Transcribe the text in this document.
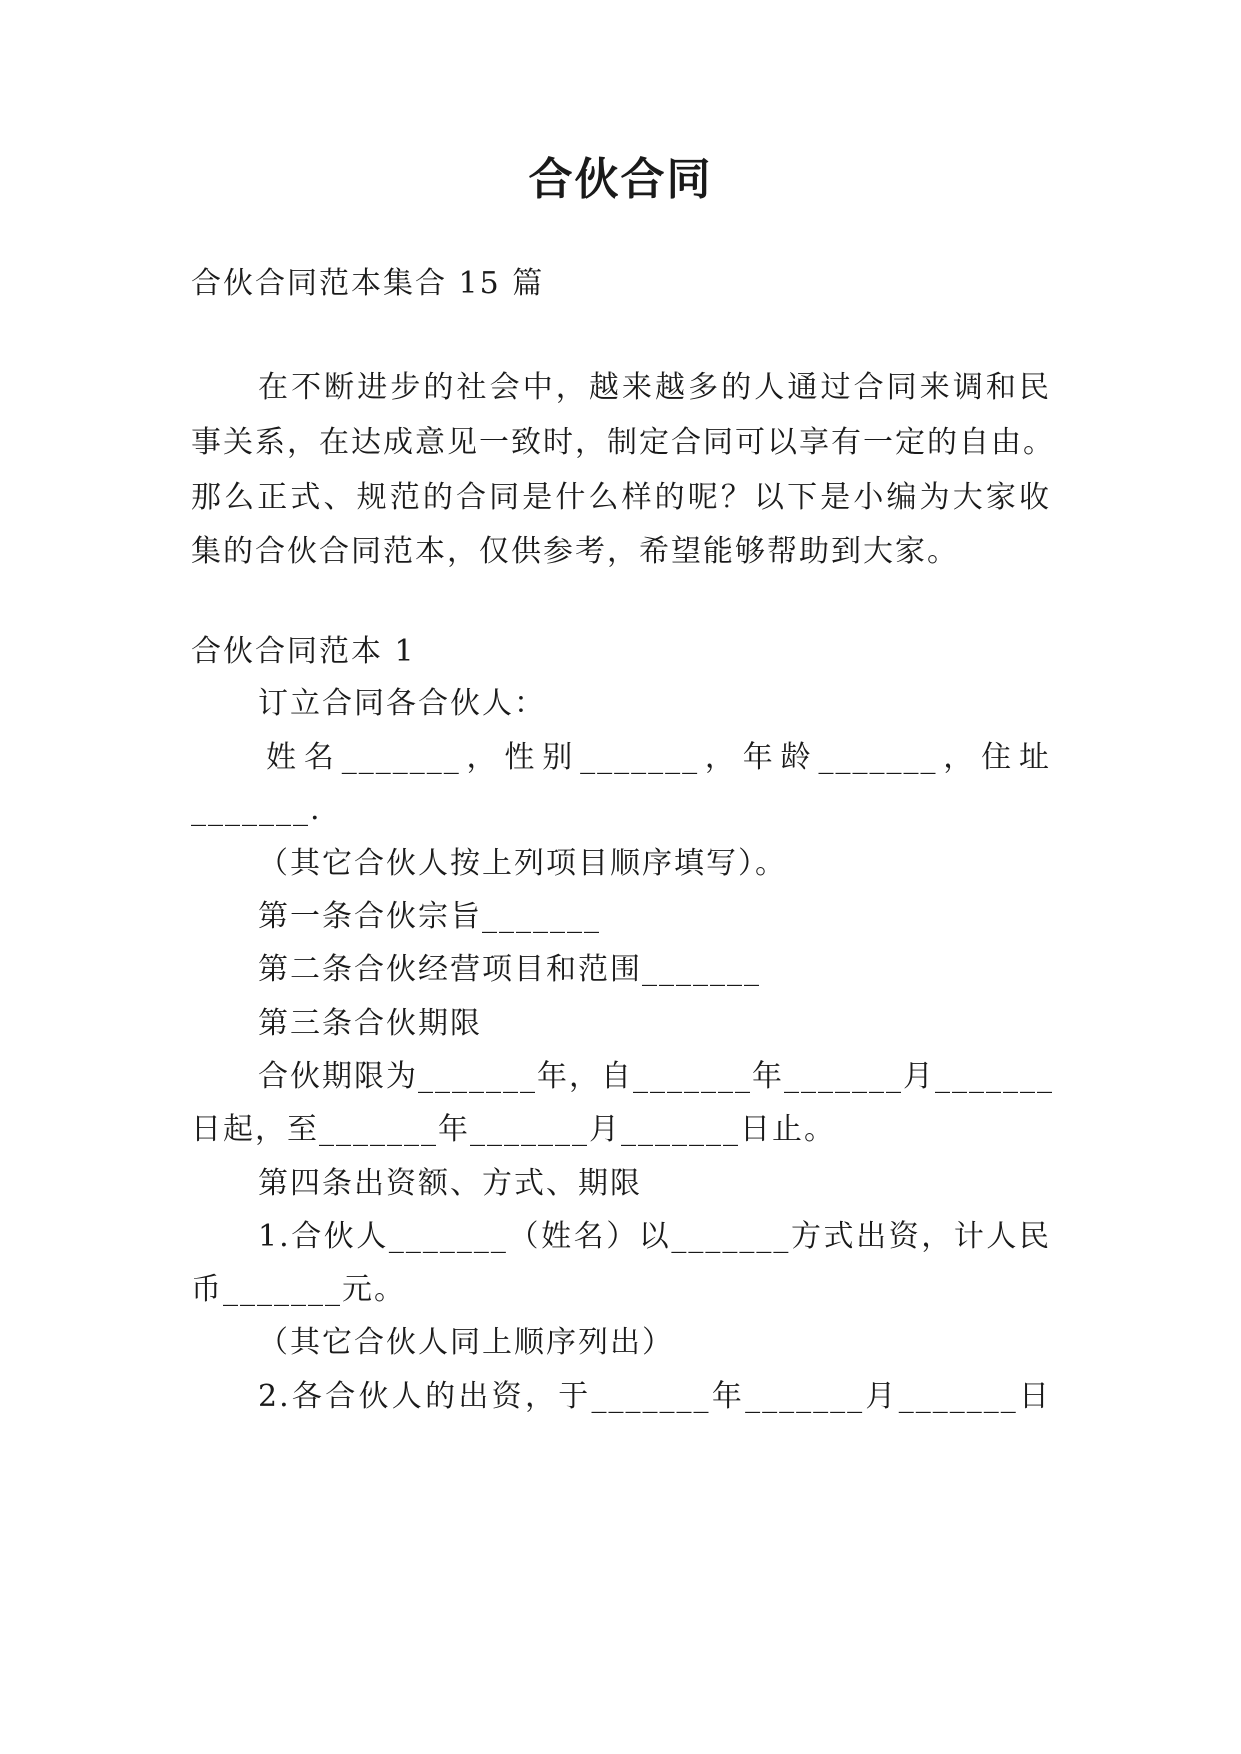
合伙合同
合伙合同范本集合 15 篇
在不断进步的社会中，越来越多的人通过合同来调和民
事关系，在达成意见一致时，制定合同可以享有一定的自由。
那么正式、规范的合同是什么样的呢？以下是小编为大家收
集的合伙合同范本，仅供参考，希望能够帮助到大家。
合伙合同范本 1
订立合同各合伙人：
姓名_______，性别_______，年龄_______，住址
_______.
（其它合伙人按上列项目顺序填写）。
第一条合伙宗旨_______
第二条合伙经营项目和范围_______
第三条合伙期限
合伙期限为_______年，自_______年_______月_______
日起，至_______年_______月_______日止。
第四条出资额、方式、期限
1.合伙人_______（姓名）以_______方式出资，计人民
币_______元。
（其它合伙人同上顺序列出）
2.各合伙人的出资，于_______年_______月_______日
